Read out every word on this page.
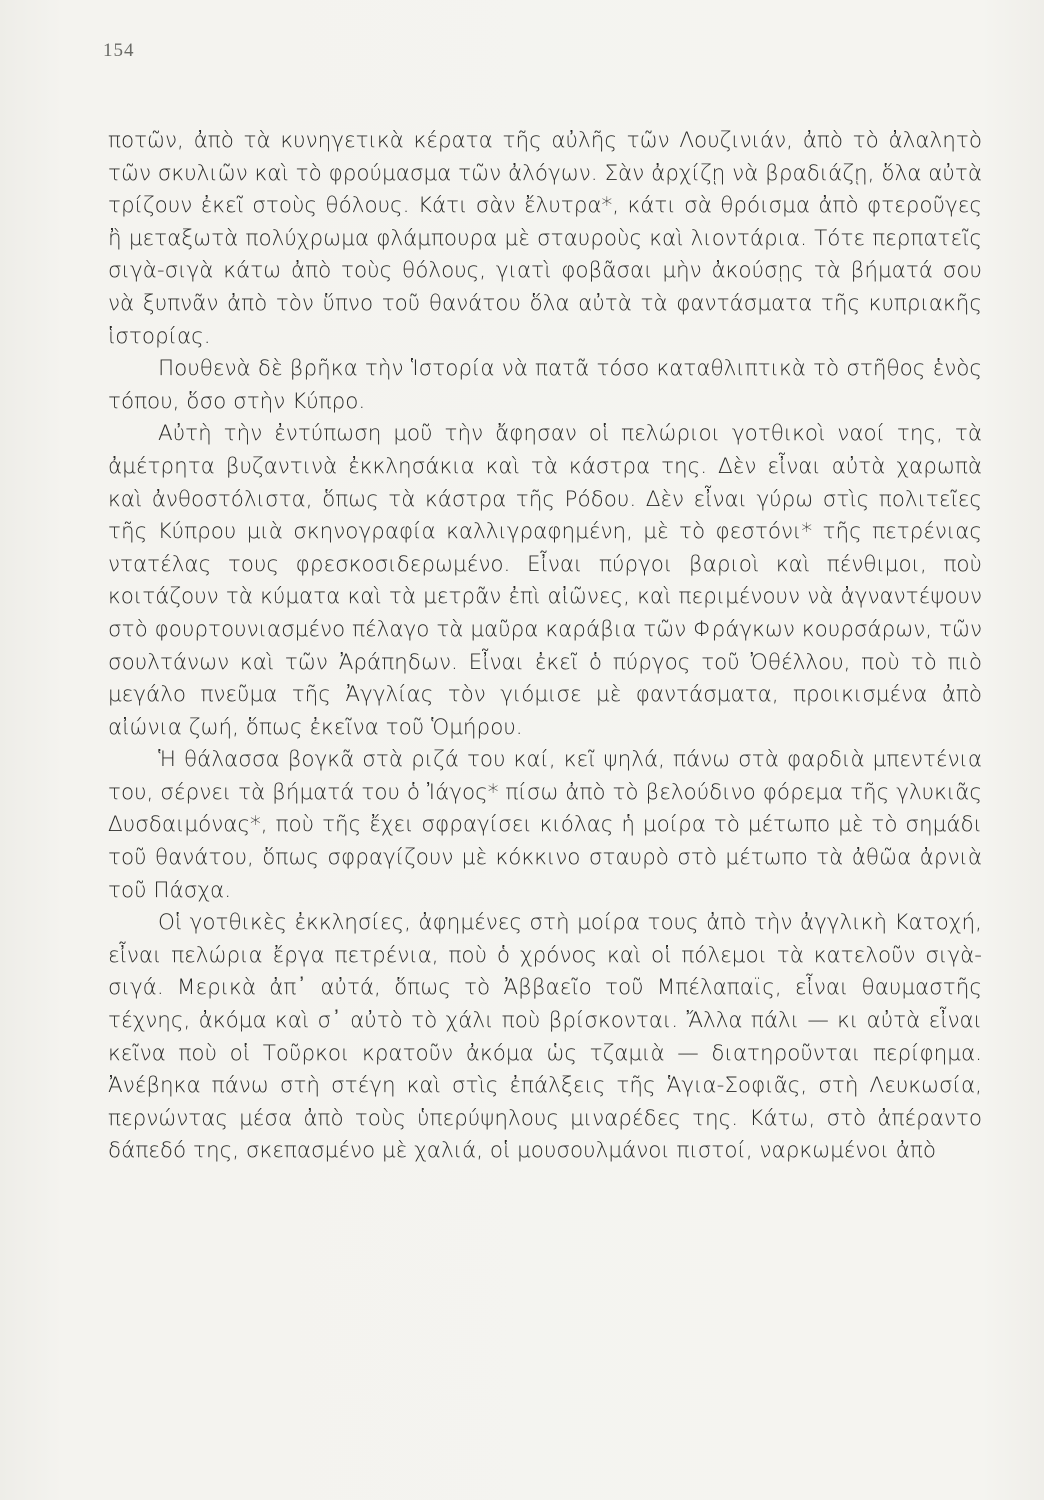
154

ποτῶν, ἀπὸ τὰ κυνηγετικὰ κέρατα τῆς αὐλῆς τῶν Λουζινιάν, ἀπὸ τὸ ἀλαλητὸ τῶν σκυλιῶν καὶ τὸ φρούμασμα τῶν ἀλόγων. Σὰν ἀρχίζῃ νὰ βραδιάζῃ, ὅλα αὐτὰ τρίζουν ἐκεῖ στοὺς θόλους. Κάτι σὰν ἔλυτρα*, κάτι σὰ θρόισμα ἀπὸ φτεροῦγες ἢ μεταξωτὰ πολύχρωμα φλάμπουρα μὲ σταυροὺς καὶ λιοντάρια. Τότε περπατεῖς σιγὰ-σιγὰ κάτω ἀπὸ τοὺς θόλους, γιατὶ φοβᾶσαι μὴν ἀκούσῃς τὰ βήματά σου νὰ ξυπνᾶν ἀπὸ τὸν ὕπνο τοῦ θανάτου ὅλα αὐτὰ τὰ φαντάσματα τῆς κυπριακῆς ἱστορίας.

Πουθενὰ δὲ βρῆκα τὴν Ἱστορία νὰ πατᾶ τόσο καταθλιπτικὰ τὸ στῆθος ἑνὸς τόπου, ὅσο στὴν Κύπρο.

Αὐτὴ τὴν ἐντύπωση μοῦ τὴν ἄφησαν οἱ πελώριοι γοτθικοὶ ναοί της, τὰ ἀμέτρητα βυζαντινὰ ἐκκλησάκια καὶ τὰ κάστρα της. Δὲν εἶναι αὐτὰ χαρωπὰ καὶ ἀνθοστόλιστα, ὅπως τὰ κάστρα τῆς Ρόδου. Δὲν εἶναι γύρω στὶς πολιτεῖες τῆς Κύπρου μιὰ σκηνογραφία καλλιγραφημένη, μὲ τὸ φεστόνι* τῆς πετρένιας ντατέλας τους φρεσκοσιδερωμένο. Εἶναι πύργοι βαριοὶ καὶ πένθιμοι, ποὺ κοιτάζουν τὰ κύματα καὶ τὰ μετρᾶν ἐπὶ αἰῶνες, καὶ περιμένουν νὰ ἀγναντέψουν στὸ φουρτουνιασμένο πέλαγο τὰ μαῦρα καράβια τῶν Φράγκων κουρσάρων, τῶν σουλτάνων καὶ τῶν Ἀράπηδων. Εἶναι ἐκεῖ ὁ πύργος τοῦ Ὀθέλλου, ποὺ τὸ πιὸ μεγάλο πνεῦμα τῆς Ἀγγλίας τὸν γιόμισε μὲ φαντάσματα, προικισμένα ἀπὸ αἰώνια ζωή, ὅπως ἐκεῖνα τοῦ Ὁμήρου.

Ἡ θάλασσα βογκᾶ στὰ ριζά του καί, κεῖ ψηλά, πάνω στὰ φαρδιὰ μπεντένια του, σέρνει τὰ βήματά του ὁ Ἰάγος* πίσω ἀπὸ τὸ βελούδινο φόρεμα τῆς γλυκιᾶς Δυσδαιμόνας*, ποὺ τῆς ἔχει σφραγίσει κιόλας ἡ μοίρα τὸ μέτωπο μὲ τὸ σημάδι τοῦ θανάτου, ὅπως σφραγίζουν μὲ κόκκινο σταυρὸ στὸ μέτωπο τὰ ἀθῶα ἀρνιὰ τοῦ Πάσχα.

Οἱ γοτθικὲς ἐκκλησίες, ἀφημένες στὴ μοίρα τους ἀπὸ τὴν ἀγγλικὴ Κατοχή, εἶναι πελώρια ἔργα πετρένια, ποὺ ὁ χρόνος καὶ οἱ πόλεμοι τὰ κατελοῦν σιγὰ-σιγά. Μερικὰ ἀπ᾽ αὐτά, ὅπως τὸ Ἀββαεῖο τοῦ Μπέλαπαϊς, εἶναι θαυμαστῆς τέχνης, ἀκόμα καὶ σ᾽ αὐτὸ τὸ χάλι ποὺ βρίσκονται. Ἄλλα πάλι — κι αὐτὰ εἶναι κεῖνα ποὺ οἱ Τοῦρκοι κρατοῦν ἀκόμα ὡς τζαμιὰ — διατηροῦνται περίφημα. Ἀνέβηκα πάνω στὴ στέγη καὶ στὶς ἐπάλξεις τῆς Ἁγια-Σοφιᾶς, στὴ Λευκωσία, περνώντας μέσα ἀπὸ τοὺς ὑπερύψηλους μιναρέδες της. Κάτω, στὸ ἀπέραντο δάπεδό της, σκεπασμένο μὲ χαλιά, οἱ μουσουλμάνοι πιστοί, ναρκωμένοι ἀπὸ
